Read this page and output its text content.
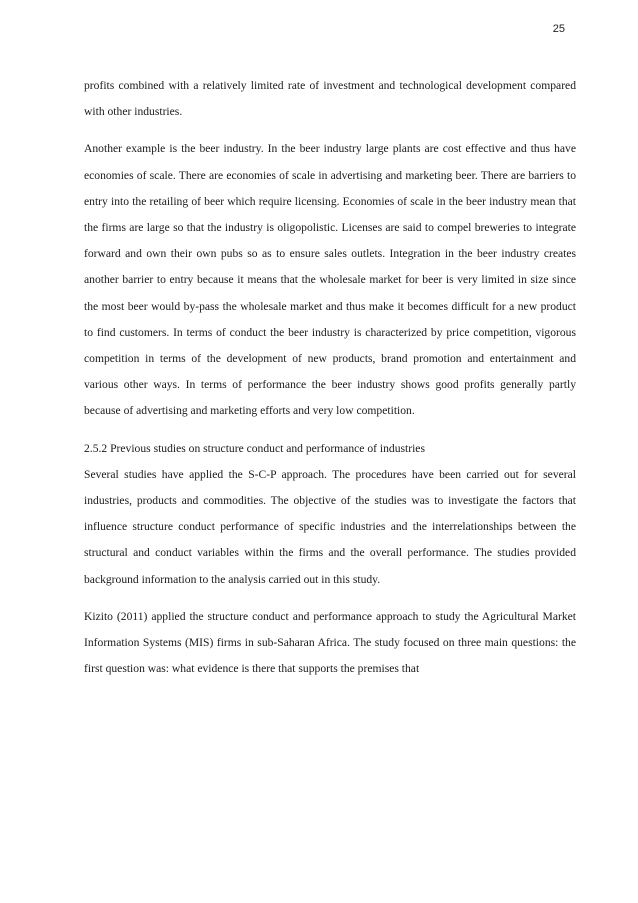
25

profits combined with a relatively limited rate of investment and technological development compared with other industries.

Another example is the beer industry. In the beer industry large plants are cost effective and thus have economies of scale. There are economies of scale in advertising and marketing beer. There are barriers to entry into the retailing of beer which require licensing. Economies of scale in the beer industry mean that the firms are large so that the industry is oligopolistic. Licenses are said to compel breweries to integrate forward and own their own pubs so as to ensure sales outlets. Integration in the beer industry creates another barrier to entry because it means that the wholesale market for beer is very limited in size since the most beer would by-pass the wholesale market and thus make it becomes difficult for a new product to find customers. In terms of conduct the beer industry is characterized by price competition, vigorous competition in terms of the development of new products, brand promotion and entertainment and various other ways. In terms of performance the beer industry shows good profits generally partly because of advertising and marketing efforts and very low competition.

2.5.2 Previous studies on structure conduct and performance of industries

Several studies have applied the S-C-P approach. The procedures have been carried out for several industries, products and commodities. The objective of the studies was to investigate the factors that influence structure conduct performance of specific industries and the interrelationships between the structural and conduct variables within the firms and the overall performance. The studies provided background information to the analysis carried out in this study.

Kizito (2011) applied the structure conduct and performance approach to study the Agricultural Market Information Systems (MIS) firms in sub-Saharan Africa. The study focused on three main questions: the first question was: what evidence is there that supports the premises that
